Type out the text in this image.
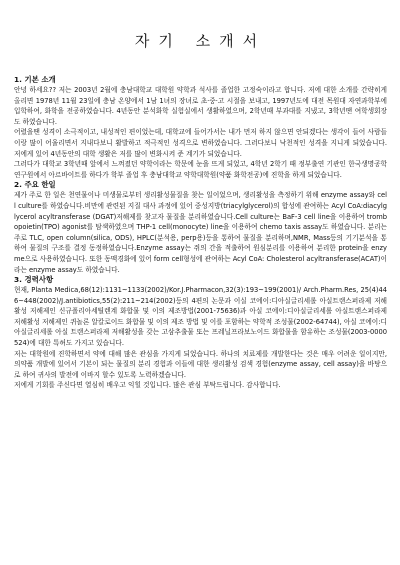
자기 소개서

1. 기본 소개

안녕 하세요?? 저는 2003년 2월에 충남대학교 대학원 약학과 석사를 졸업한 고정숙이라고 합니다. 저에 대한 소개를 간략히게 올리면 1978년 11월 23일에 충남 온양에서 1남 1녀의 장녀로 초·중·고 시절을 보내고, 1997년도에 대전 목원대 자연과학부에 입학하여, 화학을 전공하였습니다. 4년동안 분석화학 실험실에서 생활하였으며, 2학년때 부과대를 지냈고, 3학년땐 여학생회장도 하였습니다.

어렸을땐 성격이 소극적이고, 내성적인 편이었는데, 대학교에 들어가서는 내가 먼저 하지 않으면 안되겠다는 생각이 들어 사람들이랑 많이 어울리면서 지내다보니 활발하고 적극적인 성격으로 변하였습니다. 그러다보니 낙천적인 성격을 지니게 되었습니다. 저에게 있어 4년동안의 대학 생활은 저를 많이 변화시켜 준 계기가 되었습니다.

그러다가 대학교 3학년때 앞에서 느껴졌던 약학이라는 학문에 눈을 뜨게 되었고, 4학년 2학기 때 정부출연 기관인 한국생명공학연구원에서 아르바이트를 하다가 학부 졸업 후 충남대학교 약학대학원(약품 화학전공)에 진학을 하게 되었습니다.

2. 주요 한일

제가 주로 한 일은 천연물이나 미생물로부터 생리활성물질을 찾는 일이었으며, 생리활성을 측정하기 위해 enzyme assay와 cell culture를 하였습니다.비만에 관련된 지질 대사 과정에 있어 중성지방(triacylglycerol)의 합성에 관여하는 Acyl CoA:diacylglycerol acyltransferase (DGAT)저해제를 찾고자 물질을 분리하였습니다.Cell culture는 BaF-3 cell line을 이용하여 trombopoietin(TPO) agonist를 탐색하였으며 THP-1 cell(monocyte) line을 이용하여 chemo taxis assay도 하였습니다. 분리는 주로 TLC, open column(silica, ODS), HPLC(분석용, perp용)등을 통하여 물질을 분리하며,NMR, Mass등의 기기분석을 통하여 물질의 구조를 결정 동정하였습니다.Enzyme assay는 쥐의 간을 적출하여 원심분리를 이용하여 분리한 protein을 enzyme으로 사용하였습니다. 또한 동맥경화에 있어 form cell형성에 관여하는 Acyl CoA: Cholesterol acyltransferase(ACAT)이라는 enzyme assay도 하였습니다.

3. 경력사항

현재, Planta Medica,68(12):1131~1133(2002)/Kor.J.Pharmacon,32(3):193~199(2001)/ Arch.Pharm.Res, 25(4)446~448(2002)/J.antibiotics,55(2):211~214(2002)등의 4편의 논문과 이실 코에이:디아실글리세롤 아실트랜스퍼라제 저해활성 저해제인 신규폴리아세틸렌계 화합물 및 이의 제조방법(2001-75636)과 아실 코에이:디아실글리세롤 아실트랜스퍼라제 저해활성 저해제인 퀴놀론 알칼로이드 화합물 및 이의 제조 방법 및 이를 포함하는 약학적 조성물(2002-64744), 아실 코에이:디아실글리세롤 아실 트랜스퍼라제 저해활성을 갖는 고삼추출물 또는 프레닐프라보노이드 화합물을 함유하는 조성물(2003-0000524)에 대한 특허도 가지고 있습니다.

저는 대학원에 진학하면서 약에 대해 많은 관심을 가지게 되었습니다. 하나의 치료제를 개발한다는 것은 매우 어려운 일이지만, 의약품 개발에 있어서 기본이 되는 물질의 분리 경험과 이들에 대한 생리활성 검색 경험(enzyme assay, cell assay)을 바탕으로 하여 귀사의 발전에 이바지 할수 있도록 노력하겠습니다.

저에게 기회를 주신다면 열심히 배우고 익힐 것입니다. 많은 관심 부탁드립니다. 감사합니다.
